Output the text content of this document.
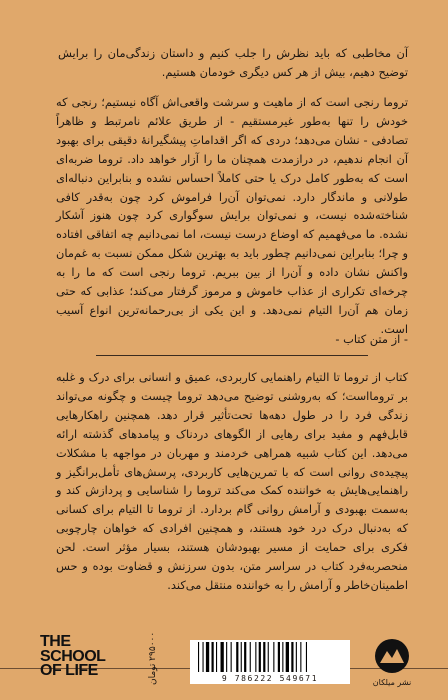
آن مخاطبی که باید نظرش را جلب کنیم و داستان زندگی‌مان را برایش توضیح دهیم، بیش از هر کس دیگری خودمان هستیم.

تروما رنجی است که از ماهیت و سرشت واقعی‌اش آگاه نیستیم؛ رنجی که خودش را تنها به‌طور غیرمستقیم - از طریق علائم نامرتبط و ظاهراً تصادفی - نشان می‌دهد؛ دردی که اگر اقداماتِ پیشگیرانهٔ دقیقی برای بهبود آن انجام ندهیم، در درازمدت همچنان ما را آزار خواهد داد. تروما ضربه‌ای است که به‌طور کامل درک یا حتی کاملاً احساس نشده و بنابراین دنباله‌ای طولانی و ماندگار دارد. نمی‌توان آن‌را فراموش کرد چون به‌قدر کافی شناخته‌شده نیست، و نمی‌توان برایش سوگواری کرد چون هنوز آشکار نشده. ما می‌فهمیم که اوضاع درست نیست، اما نمی‌دانیم چه اتفاقی افتاده و چرا؛ بنابراین نمی‌دانیم چطور باید به بهترین شکل ممکن نسبت به غم‌مان واکنش نشان داده و آن‌را از بین ببریم. تروما رنجی است که ما را به چرخه‌ای تکراری از عذاب خاموش و مرموز گرفتار می‌کند؛ عذابی که حتی زمان هم آن‌را التیام نمی‌دهد. و این یکی از بی‌رحمانه‌ترین انواع آسیب است.

- از متن کتاب -

کتاب از تروما تا التیام راهنمایی کاربردی، عمیق و انسانی برای درک و غلبه بر ترومااست؛ که به‌روشنی توضیح می‌دهد تروما چیست و چگونه می‌تواند زندگی فرد را در طول دهه‌ها تحت‌تأثیر قرار دهد. همچنین راهکارهایی قابل‌فهم و مفید برای رهایی از الگوهای دردناک و پیامدهای گذشته ارائه می‌دهد. این کتاب شبیه همراهی خردمند و مهربان در مواجهه با مشکلات پیچیده‌ی روانی است که با تمرین‌هایی کاربردی، پرسش‌های تأمل‌برانگیز و راهنمایی‌هایش به خواننده کمک می‌کند تروما را شناسایی و پردازش کند و به‌سمت بهبودی و آرامش روانی گام بردارد. از تروما تا التیام برای کسانی که به‌دنبال درک درد خود هستند، و همچنین افرادی که خواهان چارچوبی فکری برای حمایت از مسیر بهبودشان هستند، بسیار مؤثر است. لحن منحصربه‌فرد کتاب در سراسر متن، بدون سرزنش و قضاوت بوده و حس اطمینان‌خاطر و آرامش را به خواننده منتقل می‌کند.

THE
SCHOOL
OF LIFE	۲۹۵۰۰۰ تومان
9 786222 549671	نشر میلکان
